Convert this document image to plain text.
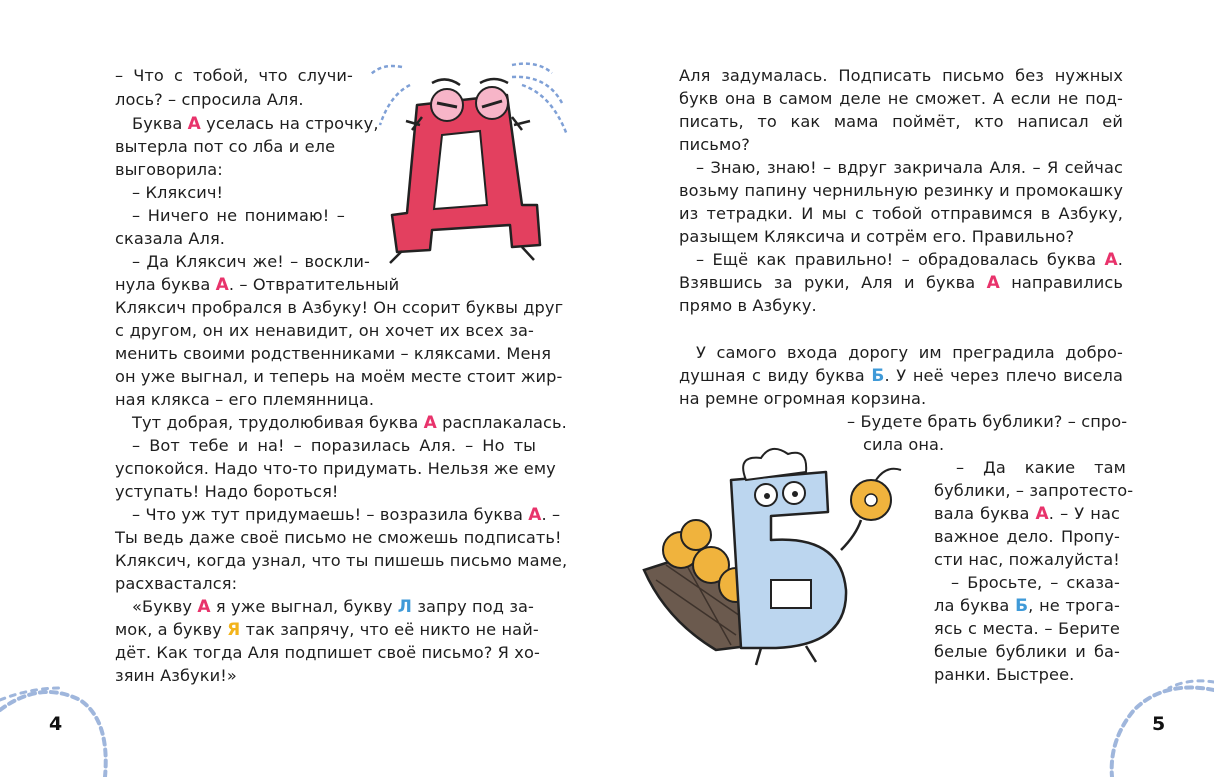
– Что с тобой, что случи-
лось? – спросила Аля.
Буква А уселась на строчку,
вытерла пот со лба и еле
выговорила:
– Кляксич!
– Ничего не понимаю! –
сказала Аля.
– Да Кляксич же! – воскли-
нула буква А. – Отвратительный
Кляксич пробрался в Азбуку! Он ссорит буквы друг
с другом, он их ненавидит, он хочет их всех за-
менить своими родственниками – кляксами. Меня
он уже выгнал, и теперь на моём месте стоит жир-
ная клякса – его племянница.
Тут добрая, трудолюбивая буква А расплакалась.
– Вот тебе и на! – поразилась Аля. – Но ты
успокойся. Надо что-то придумать. Нельзя же ему
уступать! Надо бороться!
– Что уж тут придумаешь! – возразила буква А. –
Ты ведь даже своё письмо не сможешь подписать!
Кляксич, когда узнал, что ты пишешь письмо маме,
расхвастался:
«Букву А я уже выгнал, букву Л запру под за-
мок, а букву Я так запрячу, что её никто не най-
дёт. Как тогда Аля подпишет своё письмо? Я хо-
зяин Азбуки!»
Аля задумалась. Подписать письмо без нужных
букв она в самом деле не сможет. А если не под-
писать, то как мама поймёт, кто написал ей
письмо?
– Знаю, знаю! – вдруг закричала Аля. – Я сейчас
возьму папину чернильную резинку и промокашку
из тетрадки. И мы с тобой отправимся в Азбуку,
разыщем Кляксича и сотрём его. Правильно?
– Ещё как правильно! – обрадовалась буква А.
Взявшись за руки, Аля и буква А направились
прямо в Азбуку.
У самого входа дорогу им преградила добро-
душная с виду буква Б. У неё через плечо висела
на ремне огромная корзина.
– Будете брать бублики? – спро-
сила она.
– Да какие там
бублики, – запротесто-
вала буква А. – У нас
важное дело. Пропу-
сти нас, пожалуйста!
– Бросьте, – сказа-
ла буква Б, не трога-
ясь с места. – Берите
белые бублики и ба-
ранки. Быстрее.
4	5
